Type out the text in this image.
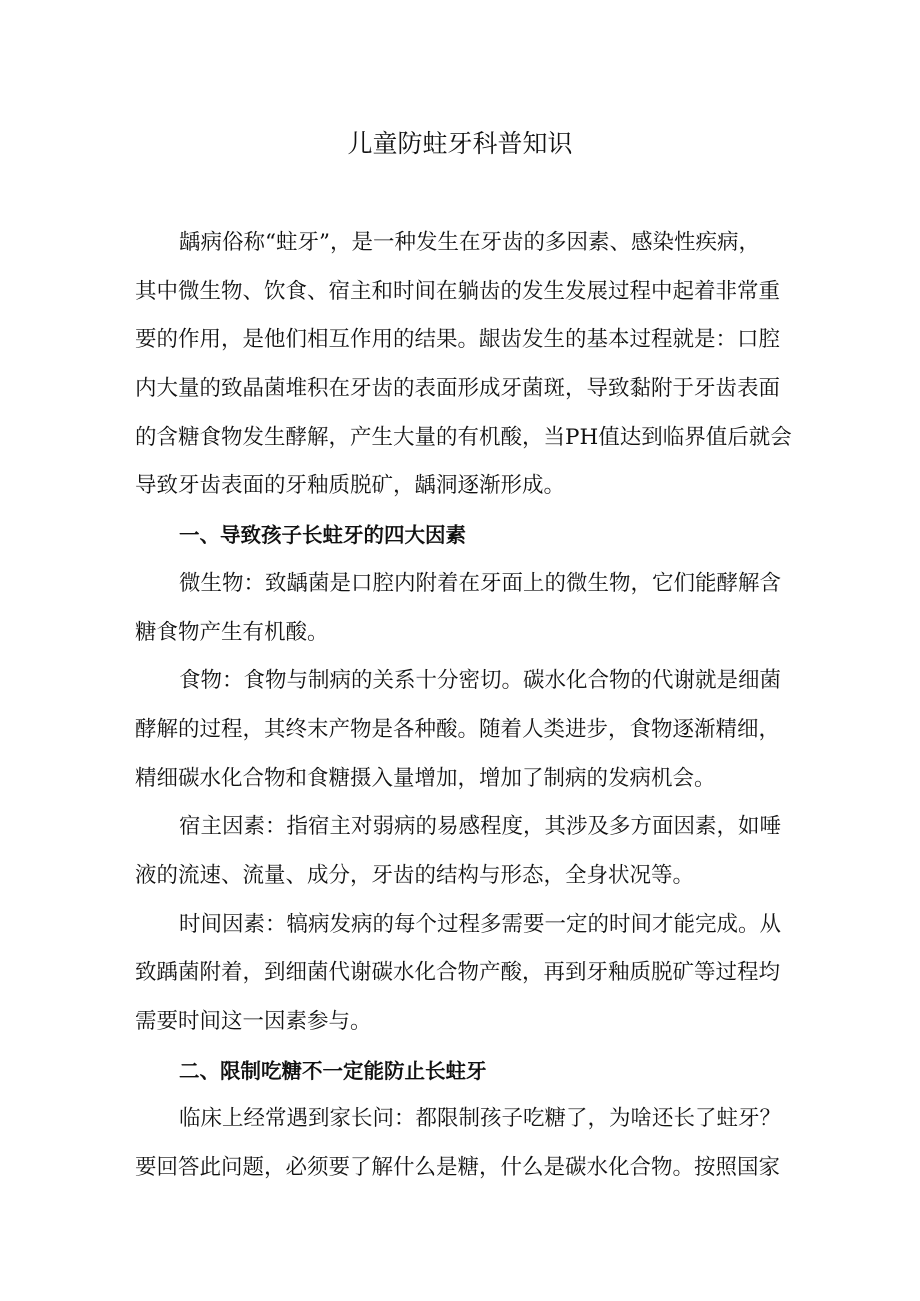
儿童防蛀牙科普知识
龋病俗称“蛀牙”，是一种发生在牙齿的多因素、感染性疾病，
其中微生物、饮食、宿主和时间在躺齿的发生发展过程中起着非常重
要的作用，是他们相互作用的结果。龈齿发生的基本过程就是：口腔
内大量的致晶菌堆积在牙齿的表面形成牙菌斑，导致黏附于牙齿表面
的含糖食物发生酵解，产生大量的有机酸，当PH值达到临界值后就会
导致牙齿表面的牙釉质脱矿，龋洞逐渐形成。
一、导致孩子长蛀牙的四大因素
微生物：致龋菌是口腔内附着在牙面上的微生物，它们能酵解含
糖食物产生有机酸。
食物：食物与制病的关系十分密切。碳水化合物的代谢就是细菌
酵解的过程，其终末产物是各种酸。随着人类进步，食物逐渐精细，
精细碳水化合物和食糖摄入量增加，增加了制病的发病机会。
宿主因素：指宿主对弱病的易感程度，其涉及多方面因素，如唾
液的流速、流量、成分，牙齿的结构与形态，全身状况等。
时间因素：犒病发病的每个过程多需要一定的时间才能完成。从
致踽菌附着，到细菌代谢碳水化合物产酸，再到牙釉质脱矿等过程均
需要时间这一因素参与。
二、限制吃糖不一定能防止长蛀牙
临床上经常遇到家长问：都限制孩子吃糖了，为啥还长了蛀牙？
要回答此问题，必须要了解什么是糖，什么是碳水化合物。按照国家
